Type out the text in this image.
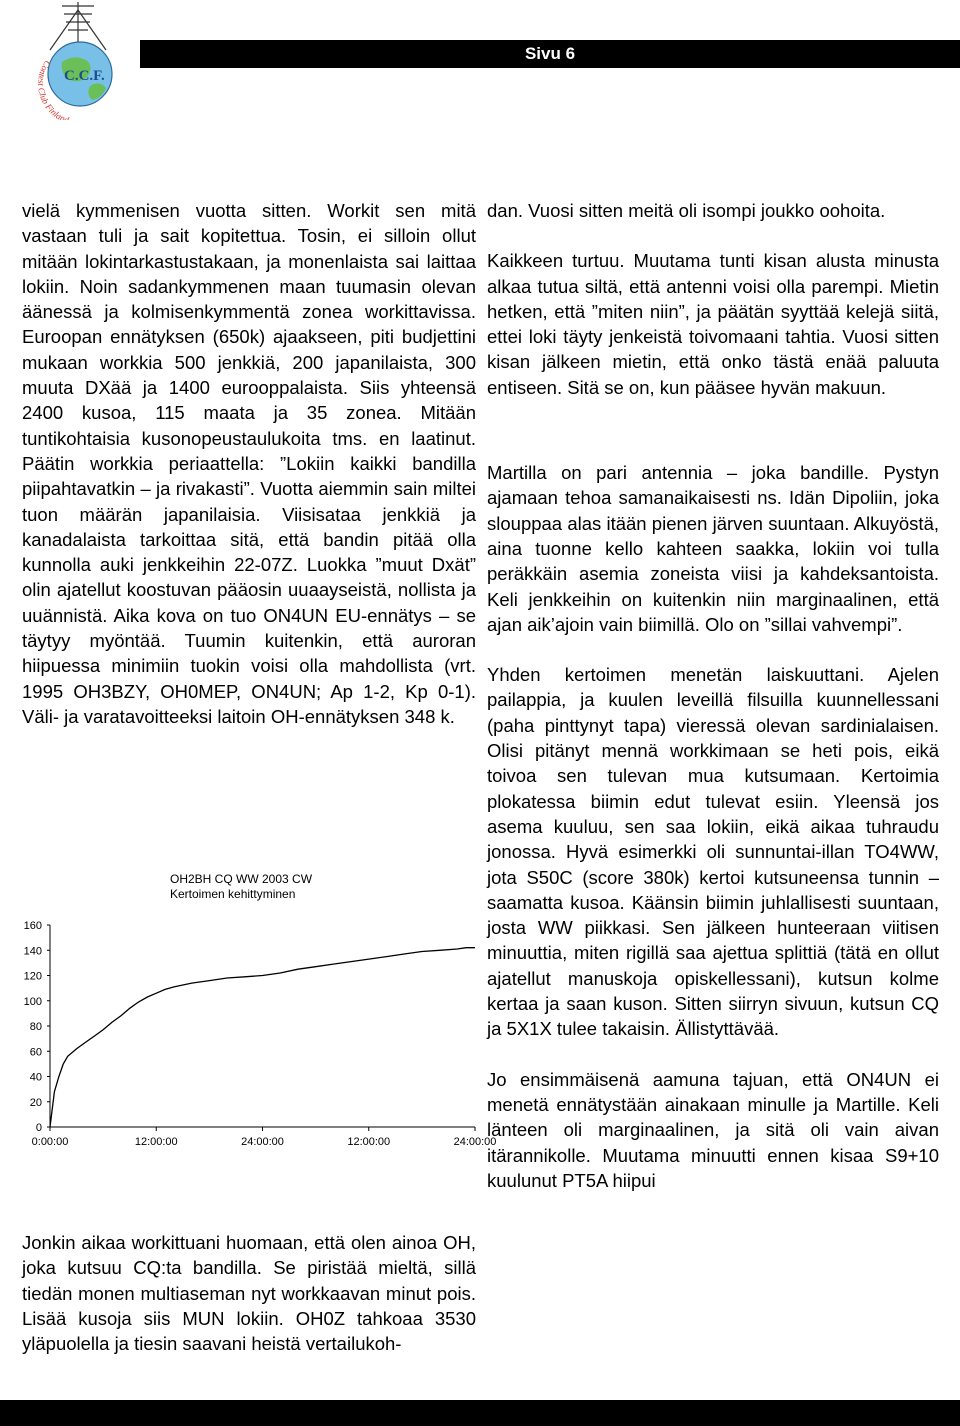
C.C.F.
Contest Club Finland
Sivu 6

vielä kymmenisen vuotta sitten. Workit sen mitä vastaan tuli ja sait kopitettua. Tosin, ei silloin ollut mitään lokintarkastustakaan, ja monenlaista sai laittaa lokiin. Noin sadankymmenen maan tuumasin olevan äänessä ja kolmisenkymmentä zonea workittavissa. Euroopan ennätyksen (650k) ajaakseen, piti budjettini mukaan workkia 500 jenkkiä, 200 japanilaista, 300 muuta DXää ja 1400 eurooppalaista. Siis yhteensä 2400 kusoa, 115 maata ja 35 zonea. Mitään tuntikohtaisia kusonopeustaulukoita tms. en laatinut. Päätin workkia periaattella: ”Lokiin kaikki bandilla piipahtavatkin – ja rivakasti”. Vuotta aiemmin sain miltei tuon määrän japanilaisia. Viisisataa jenkkiä ja kanadalaista tarkoittaa sitä, että bandin pitää olla kunnolla auki jenkkeihin 22-07Z. Luokka ”muut Dxät” olin ajatellut koostuvan pääosin uuaayseistä, nollista ja uuännistä. Aika kova on tuo ON4UN EU-ennätys – se täytyy myöntää. Tuumin kuitenkin, että auroran hiipuessa minimiin tuokin voisi olla mahdollista (vrt. 1995 OH3BZY, OH0MEP, ON4UN; Ap 1-2, Kp 0-1). Väli- ja varatavoitteeksi laitoin OH-ennätyksen 348 k.

OH2BH CQ WW 2003 CW
Kertoimen kehittyminen
160
140
120
100
80
60
40
20
0
0:00:00	12:00:00	24:00:00	12:00:00	24:00:00

Jonkin aikaa workittuani huomaan, että olen ainoa OH, joka kutsuu CQ:ta bandilla. Se piristää mieltä, sillä tiedän monen multiaseman nyt workkaavan minut pois. Lisää kusoja siis MUN lokiin. OH0Z tahkoaa 3530 yläpuolella ja tiesin saavani heistä vertailukoh-

dan. Vuosi sitten meitä oli isompi joukko oohoita.

Kaikkeen turtuu. Muutama tunti kisan alusta minusta alkaa tutua siltä, että antenni voisi olla parempi. Mietin hetken, että ”miten niin”, ja päätän syyttää kelejä siitä, ettei loki täyty jenkeistä toivomaani tahtia. Vuosi sitten kisan jälkeen mietin, että onko tästä enää paluuta entiseen. Sitä se on, kun pääsee hyvän makuun.

Martilla on pari antennia – joka bandille. Pystyn ajamaan tehoa samanaikaisesti ns. Idän Dipoliin, joka slouppaa alas itään pienen järven suuntaan. Alkuyöstä, aina tuonne kello kahteen saakka, lokiin voi tulla peräkkäin asemia zoneista viisi ja kahdeksantoista. Keli jenkkeihin on kuitenkin niin marginaalinen, että ajan aik’ajoin vain biimillä. Olo on ”sillai vahvempi”.

Yhden kertoimen menetän laiskuuttani. Ajelen pailappia, ja kuulen leveillä filsuilla kuunnellessani (paha pinttynyt tapa) vieressä olevan sardinialaisen. Olisi pitänyt mennä workkimaan se heti pois, eikä toivoa sen tulevan mua kutsumaan. Kertoimia plokatessa biimin edut tulevat esiin. Yleensä jos asema kuuluu, sen saa lokiin, eikä aikaa tuhraudu jonossa. Hyvä esimerkki oli sunnuntai-illan TO4WW, jota S50C (score 380k) kertoi kutsuneensa tunnin – saamatta kusoa. Käänsin biimin juhlallisesti suuntaan, josta WW piikkasi. Sen jälkeen hunteeraan viitisen minuuttia, miten rigillä saa ajettua splittiä (tätä en ollut ajatellut manuskoja opiskellessani), kutsun kolme kertaa ja saan kuson. Sitten siirryn sivuun, kutsun CQ ja 5X1X tulee takaisin. Ällistyttävää.

Jo ensimmäisenä aamuna tajuan, että ON4UN ei menetä ennätystään ainakaan minulle ja Martille. Keli länteen oli marginaalinen, ja sitä oli vain aivan itärannikolle. Muutama minuutti ennen kisaa S9+10 kuulunut PT5A hiipui
